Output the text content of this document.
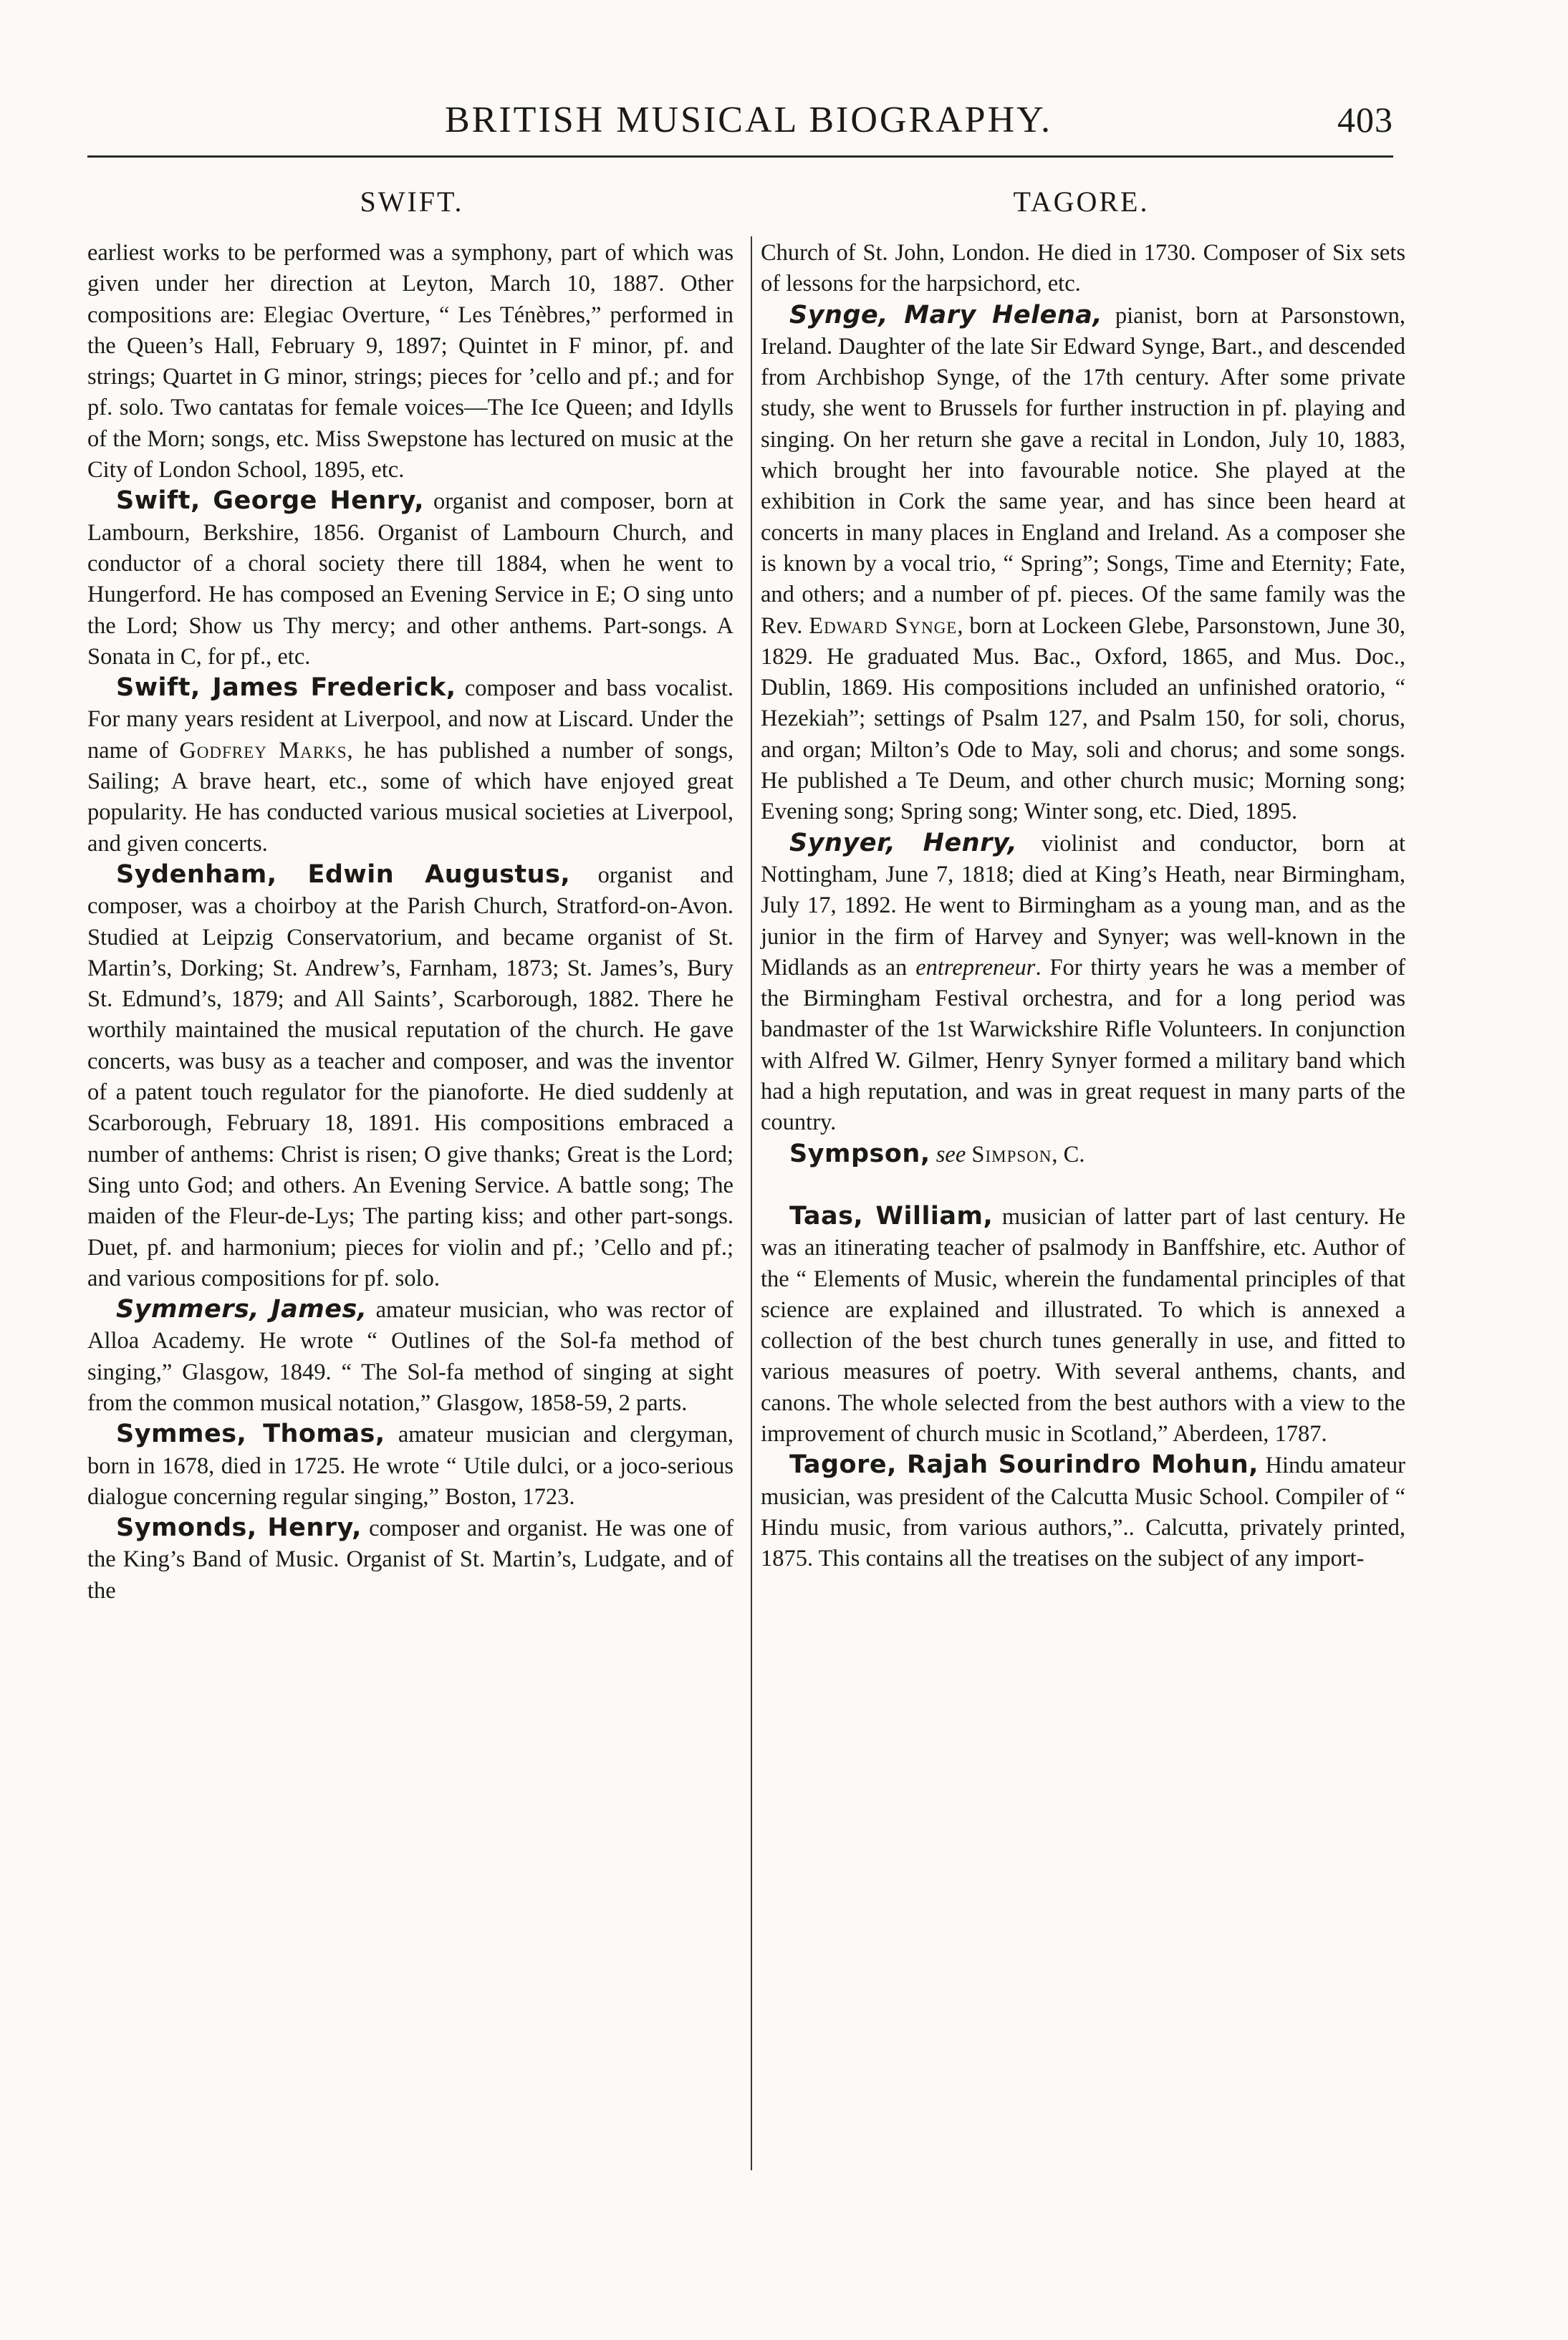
BRITISH MUSICAL BIOGRAPHY.	403
SWIFT.	TAGORE.

earliest works to be performed was a symphony, part of which was given under her direction at Leyton, March 10, 1887. Other compositions are: Elegiac Overture, “ Les Ténèbres,” performed in the Queen’s Hall, February 9, 1897; Quintet in F minor, pf. and strings; Quartet in G minor, strings; pieces for ’cello and pf.; and for pf. solo. Two cantatas for female voices—The Ice Queen; and Idylls of the Morn; songs, etc. Miss Swepstone has lectured on music at the City of London School, 1895, etc.

Swift, George Henry, organist and composer, born at Lambourn, Berkshire, 1856. Organist of Lambourn Church, and conductor of a choral society there till 1884, when he went to Hungerford. He has composed an Evening Service in E; O sing unto the Lord; Show us Thy mercy; and other anthems. Part-songs. A Sonata in C, for pf., etc.

Swift, James Frederick, composer and bass vocalist. For many years resident at Liverpool, and now at Liscard. Under the name of Godfrey Marks, he has published a number of songs, Sailing; A brave heart, etc., some of which have enjoyed great popularity. He has conducted various musical societies at Liverpool, and given concerts.

Sydenham, Edwin Augustus, organist and composer, was a choirboy at the Parish Church, Stratford-on-Avon. Studied at Leipzig Conservatorium, and became organist of St. Martin’s, Dorking; St. Andrew’s, Farnham, 1873; St. James’s, Bury St. Edmund’s, 1879; and All Saints’, Scarborough, 1882. There he worthily maintained the musical reputation of the church. He gave concerts, was busy as a teacher and composer, and was the inventor of a patent touch regulator for the pianoforte. He died suddenly at Scarborough, February 18, 1891. His compositions embraced a number of anthems: Christ is risen; O give thanks; Great is the Lord; Sing unto God; and others. An Evening Service. A battle song; The maiden of the Fleur-de-Lys; The parting kiss; and other part-songs. Duet, pf. and harmonium; pieces for violin and pf.; ’Cello and pf.; and various compositions for pf. solo.

Symmers, James, amateur musician, who was rector of Alloa Academy. He wrote “ Outlines of the Sol-fa method of singing,” Glasgow, 1849. “ The Sol-fa method of singing at sight from the common musical notation,” Glasgow, 1858-59, 2 parts.

Symmes, Thomas, amateur musician and clergyman, born in 1678, died in 1725. He wrote “ Utile dulci, or a joco-serious dialogue concerning regular singing,” Boston, 1723.

Symonds, Henry, composer and organist. He was one of the King’s Band of Music. Organist of St. Martin’s, Ludgate, and of the

Church of St. John, London. He died in 1730. Composer of Six sets of lessons for the harpsichord, etc.

Synge, Mary Helena, pianist, born at Parsonstown, Ireland. Daughter of the late Sir Edward Synge, Bart., and descended from Archbishop Synge, of the 17th century. After some private study, she went to Brussels for further instruction in pf. playing and singing. On her return she gave a recital in London, July 10, 1883, which brought her into favourable notice. She played at the exhibition in Cork the same year, and has since been heard at concerts in many places in England and Ireland. As a composer she is known by a vocal trio, “ Spring”; Songs, Time and Eternity; Fate, and others; and a number of pf. pieces. Of the same family was the Rev. Edward Synge, born at Lockeen Glebe, Parsonstown, June 30, 1829. He graduated Mus. Bac., Oxford, 1865, and Mus. Doc., Dublin, 1869. His compositions included an unfinished oratorio, “ Hezekiah”; settings of Psalm 127, and Psalm 150, for soli, chorus, and organ; Milton’s Ode to May, soli and chorus; and some songs. He published a Te Deum, and other church music; Morning song; Evening song; Spring song; Winter song, etc. Died, 1895.

Synyer, Henry, violinist and conductor, born at Nottingham, June 7, 1818; died at King’s Heath, near Birmingham, July 17, 1892. He went to Birmingham as a young man, and as the junior in the firm of Harvey and Synyer; was well-known in the Midlands as an entrepreneur. For thirty years he was a member of the Birmingham Festival orchestra, and for a long period was bandmaster of the 1st Warwickshire Rifle Volunteers. In conjunction with Alfred W. Gilmer, Henry Synyer formed a military band which had a high reputation, and was in great request in many parts of the country.

Sympson, see Simpson, C.

Taas, William, musician of latter part of last century. He was an itinerating teacher of psalmody in Banffshire, etc. Author of the “ Elements of Music, wherein the fundamental principles of that science are explained and illustrated. To which is annexed a collection of the best church tunes generally in use, and fitted to various measures of poetry. With several anthems, chants, and canons. The whole selected from the best authors with a view to the improvement of church music in Scotland,” Aberdeen, 1787.

Tagore, Rajah Sourindro Mohun, Hindu amateur musician, was president of the Calcutta Music School. Compiler of “ Hindu music, from various authors,”.. Calcutta, privately printed, 1875. This contains all the treatises on the subject of any import-
